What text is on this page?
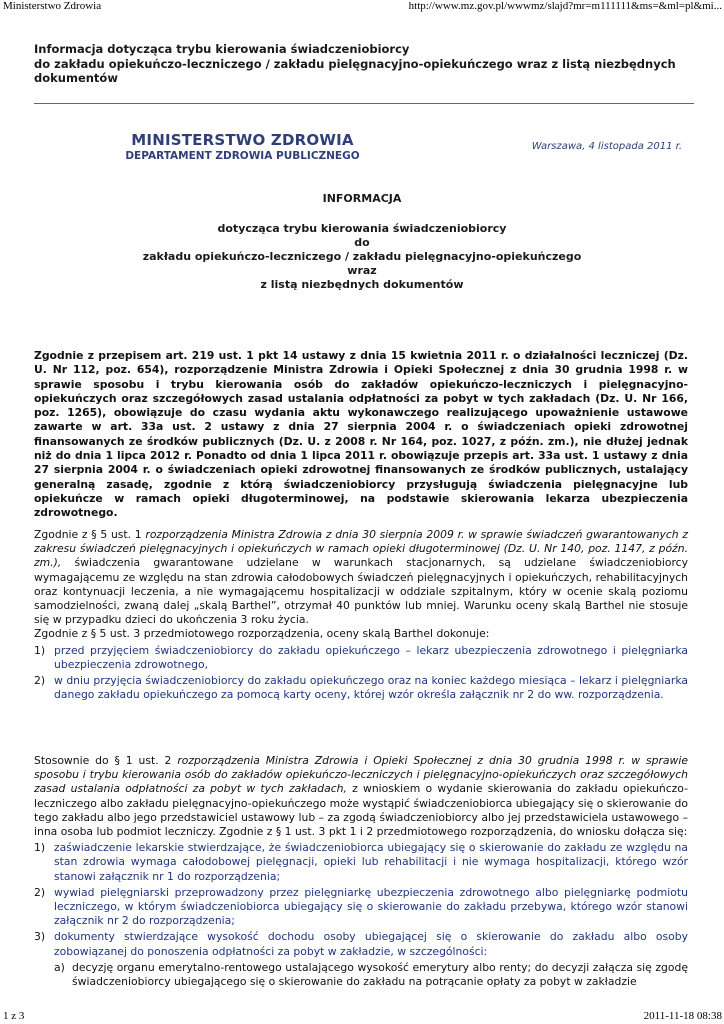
Ministerstwo Zdrowia	http://www.mz.gov.pl/wwwmz/slajd?mr=m111111&ms=&ml=pl&mi...
Informacja dotycząca trybu kierowania świadczeniobiorcy
do zakładu opiekuńczo-leczniczego / zakładu pielęgnacyjno-opiekuńczego wraz z listą niezbędnych
dokumentów
MINISTERSTWO ZDROWIA
DEPARTAMENT ZDROWIA PUBLICZNEGO
Warszawa, 4 listopada 2011 r.
INFORMACJA
dotycząca trybu kierowania świadczeniobiorcy
do
zakładu opiekuńczo-leczniczego / zakładu pielęgnacyjno-opiekuńczego
wraz
z listą niezbędnych dokumentów
Zgodnie z przepisem art. 219 ust. 1 pkt 14 ustawy z dnia 15 kwietnia 2011 r. o działalności leczniczej (Dz. U. Nr 112, poz. 654), rozporządzenie Ministra Zdrowia i Opieki Społecznej z dnia 30 grudnia 1998 r. w sprawie sposobu i trybu kierowania osób do zakładów opiekuńczo-leczniczych i pielęgnacyjno-opiekuńczych oraz szczegółowych zasad ustalania odpłatności za pobyt w tych zakładach (Dz. U. Nr 166, poz. 1265), obowiązuje do czasu wydania aktu wykonawczego realizującego upoważnienie ustawowe zawarte w art. 33a ust. 2 ustawy z dnia 27 sierpnia 2004 r. o świadczeniach opieki zdrowotnej finansowanych ze środków publicznych (Dz. U. z 2008 r. Nr 164, poz. 1027, z późn. zm.), nie dłużej jednak niż do dnia 1 lipca 2012 r. Ponadto od dnia 1 lipca 2011 r. obowiązuje przepis art. 33a ust. 1 ustawy z dnia 27 sierpnia 2004 r. o świadczeniach opieki zdrowotnej finansowanych ze środków publicznych, ustalający generalną zasadę, zgodnie z którą świadczeniobiorcy przysługują świadczenia pielęgnacyjne lub opiekuńcze w ramach opieki długoterminowej, na podstawie skierowania lekarza ubezpieczenia zdrowotnego.

Zgodnie z § 5 ust. 1 rozporządzenia Ministra Zdrowia z dnia 30 sierpnia 2009 r. w sprawie świadczeń gwarantowanych z zakresu świadczeń pielęgnacyjnych i opiekuńczych w ramach opieki długoterminowej (Dz. U. Nr 140, poz. 1147, z późn. zm.), świadczenia gwarantowane udzielane w warunkach stacjonarnych, są udzielane świadczeniobiorcy wymagającemu ze względu na stan zdrowia całodobowych świadczeń pielęgnacyjnych i opiekuńczych, rehabilitacyjnych oraz kontynuacji leczenia, a nie wymagającemu hospitalizacji w oddziale szpitalnym, który w ocenie skalą poziomu samodzielności, zwaną dalej „skalą Barthel”, otrzymał 40 punktów lub mniej. Warunku oceny skalą Barthel nie stosuje się w przypadku dzieci do ukończenia 3 roku życia.

Zgodnie z § 5 ust. 3 przedmiotowego rozporządzenia, oceny skalą Barthel dokonuje:

1) przed przyjęciem świadczeniobiorcy do zakładu opiekuńczego – lekarz ubezpieczenia zdrowotnego i pielęgniarka ubezpieczenia zdrowotnego,
2) w dniu przyjęcia świadczeniobiorcy do zakładu opiekuńczego oraz na koniec każdego miesiąca – lekarz i pielęgniarka danego zakładu opiekuńczego za pomocą karty oceny, której wzór określa załącznik nr 2 do ww. rozporządzenia.

Stosownie do § 1 ust. 2 rozporządzenia Ministra Zdrowia i Opieki Społecznej z dnia 30 grudnia 1998 r. w sprawie sposobu i trybu kierowania osób do zakładów opiekuńczo-leczniczych i pielęgnacyjno-opiekuńczych oraz szczegółowych zasad ustalania odpłatności za pobyt w tych zakładach, z wnioskiem o wydanie skierowania do zakładu opiekuńczo-leczniczego albo zakładu pielęgnacyjno-opiekuńczego może wystąpić świadczeniobiorca ubiegający się o skierowanie do tego zakładu albo jego przedstawiciel ustawowy lub – za zgodą świadczeniobiorcy albo jej przedstawiciela ustawowego – inna osoba lub podmiot leczniczy. Zgodnie z § 1 ust. 3 pkt 1 i 2 przedmiotowego rozporządzenia, do wniosku dołącza się:

1) zaświadczenie lekarskie stwierdzające, że świadczeniobiorca ubiegający się o skierowanie do zakładu ze względu na stan zdrowia wymaga całodobowej pielęgnacji, opieki lub rehabilitacji i nie wymaga hospitalizacji, którego wzór stanowi załącznik nr 1 do rozporządzenia;
2) wywiad pielęgniarski przeprowadzony przez pielęgniarkę ubezpieczenia zdrowotnego albo pielęgniarkę podmiotu leczniczego, w którym świadczeniobiorca ubiegający się o skierowanie do zakładu przebywa, którego wzór stanowi załącznik nr 2 do rozporządzenia;
3) dokumenty stwierdzające wysokość dochodu osoby ubiegającej się o skierowanie do zakładu albo osoby zobowiązanej do ponoszenia odpłatności za pobyt w zakładzie, w szczególności:
a) decyzję organu emerytalno-rentowego ustalającego wysokość emerytury albo renty; do decyzji załącza się zgodę świadczeniobiorcy ubiegającego się o skierowanie do zakładu na potrącanie opłaty za pobyt w zakładzie
1 z 3	2011-11-18 08:38
